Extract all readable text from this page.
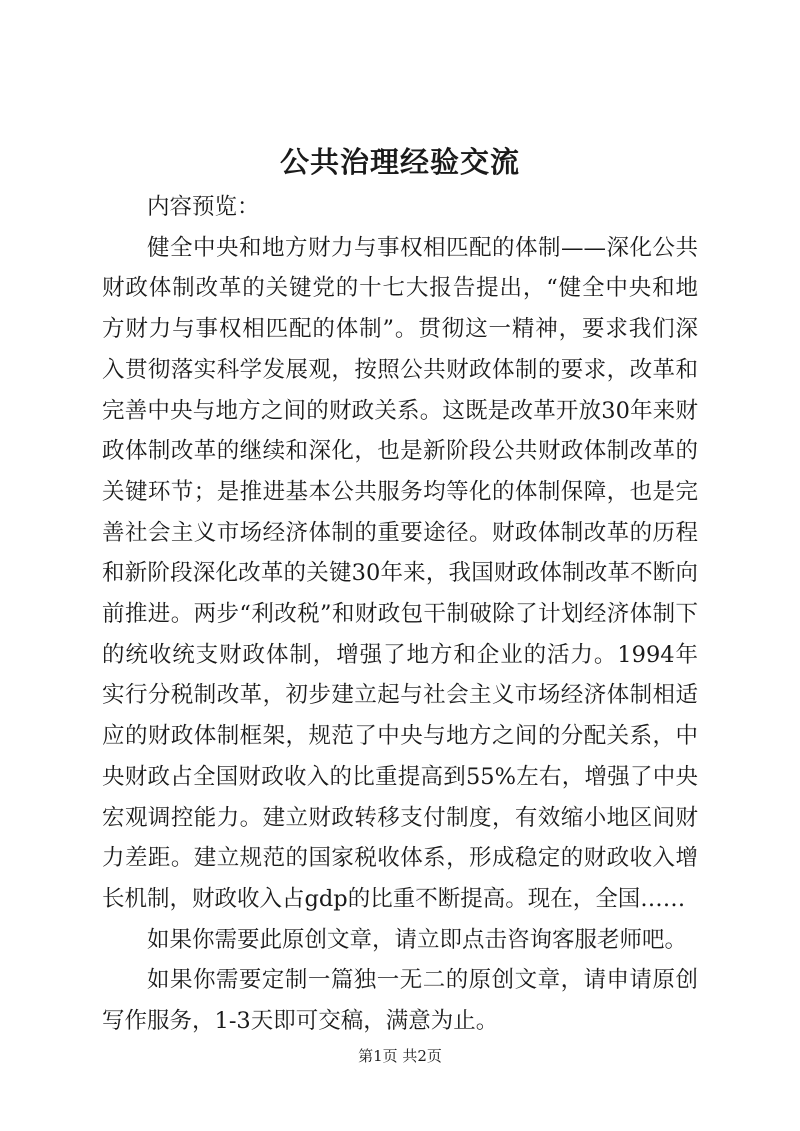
公共治理经验交流

内容预览：

健全中央和地方财力与事权相匹配的体制——深化公共财政体制改革的关键党的十七大报告提出，“健全中央和地方财力与事权相匹配的体制”。贯彻这一精神，要求我们深入贯彻落实科学发展观，按照公共财政体制的要求，改革和完善中央与地方之间的财政关系。这既是改革开放30年来财政体制改革的继续和深化，也是新阶段公共财政体制改革的关键环节；是推进基本公共服务均等化的体制保障，也是完善社会主义市场经济体制的重要途径。财政体制改革的历程和新阶段深化改革的关键30年来，我国财政体制改革不断向前推进。两步“利改税”和财政包干制破除了计划经济体制下的统收统支财政体制，增强了地方和企业的活力。1994年实行分税制改革，初步建立起与社会主义市场经济体制相适应的财政体制框架，规范了中央与地方之间的分配关系，中央财政占全国财政收入的比重提高到55%左右，增强了中央宏观调控能力。建立财政转移支付制度，有效缩小地区间财力差距。建立规范的国家税收体系，形成稳定的财政收入增长机制，财政收入占gdp的比重不断提高。现在，全国……

如果你需要此原创文章，请立即点击咨询客服老师吧。

如果你需要定制一篇独一无二的原创文章，请申请原创写作服务，1-3天即可交稿，满意为止。

第1页 共2页
